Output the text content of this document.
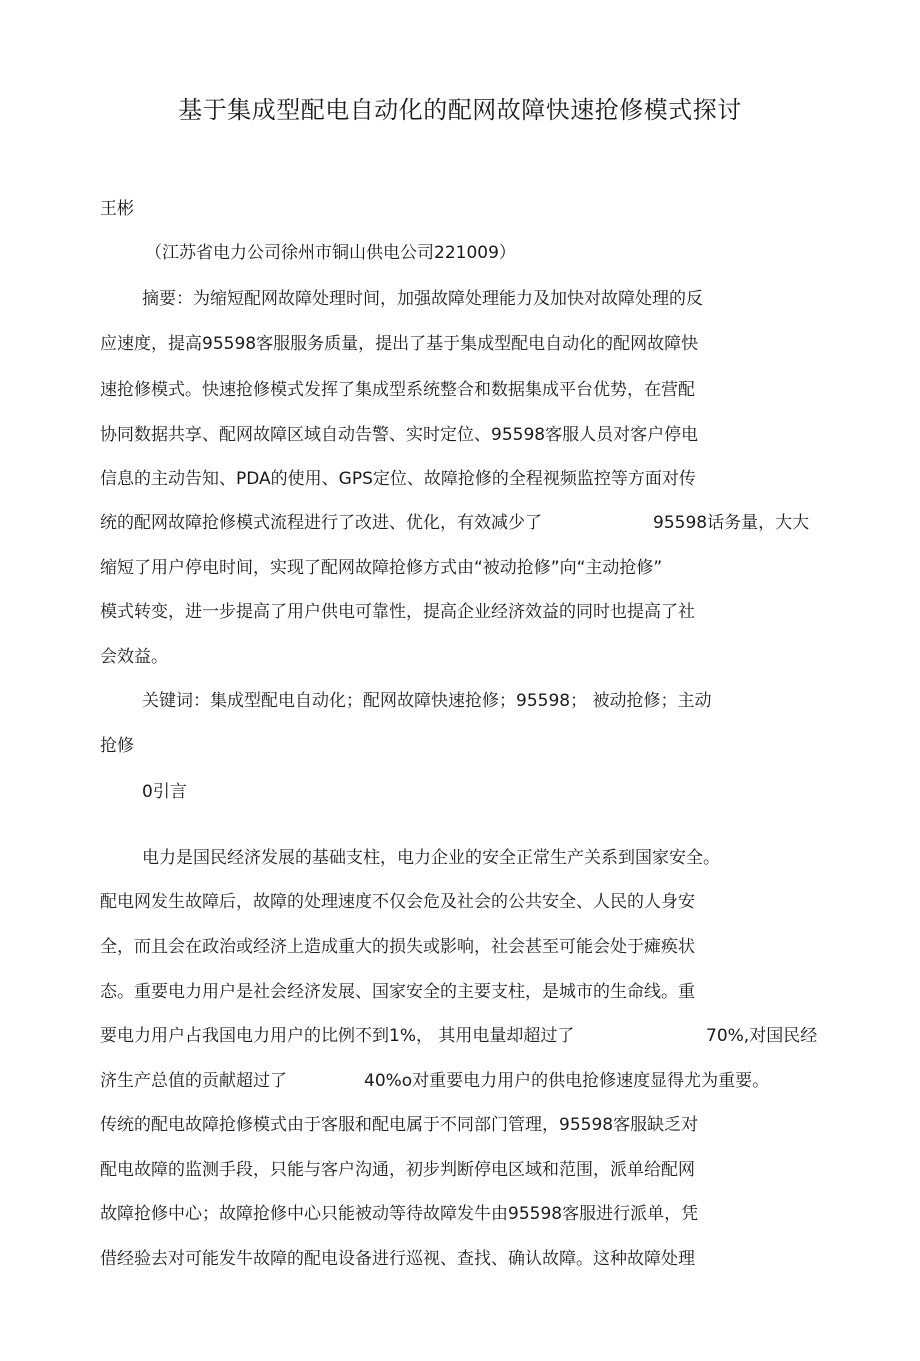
基于集成型配电自动化的配网故障快速抢修模式探讨

王彬

（江苏省电力公司徐州市铜山供电公司221009）

摘要：为缩短配网故障处理时间，加强故障处理能力及加快对故障处理的反

应速度，提高95598客服服务质量，提出了基于集成型配电自动化的配网故障快

速抢修模式。快速抢修模式发挥了集成型系统整合和数据集成平台优势，在营配

协同数据共享、配网故障区域自动告警、实时定位、95598客服人员对客户停电

信息的主动告知、PDA的使用、GPS定位、故障抢修的全程视频监控等方面对传

统的配网故障抢修模式流程进行了改进、优化，有效减少了	95598话务量，大大

缩短了用户停电时间，实现了配网故障抢修方式由“被动抢修”向“主动抢修”

模式转变，进一步提高了用户供电可靠性，提高企业经济效益的同时也提高了社

会效益。

关键词：集成型配电自动化；配网故障快速抢修；95598； 被动抢修；主动

抢修

0引言

电力是国民经济发展的基础支柱，电力企业的安全正常生产关系到国家安全。

配电网发生故障后，故障的处理速度不仅会危及社会的公共安全、人民的人身安

全，而且会在政治或经济上造成重大的损失或影响，社会甚至可能会处于瘫痪状

态。重要电力用户是社会经济发展、国家安全的主要支柱，是城市的生命线。重

要电力用户占我国电力用户的比例不到1%， 其用电量却超过了	70%,对国民经

济生产总值的贡献超过了	40%o对重要电力用户的供电抢修速度显得尤为重要。

传统的配电故障抢修模式由于客服和配电属于不同部门管理，95598客服缺乏对

配电故障的监测手段，只能与客户沟通，初步判断停电区域和范围，派单给配网

故障抢修中心；故障抢修中心只能被动等待故障发牛由95598客服进行派单，凭

借经验去对可能发牛故障的配电设备进行巡视、查找、确认故障。这种故障处理
